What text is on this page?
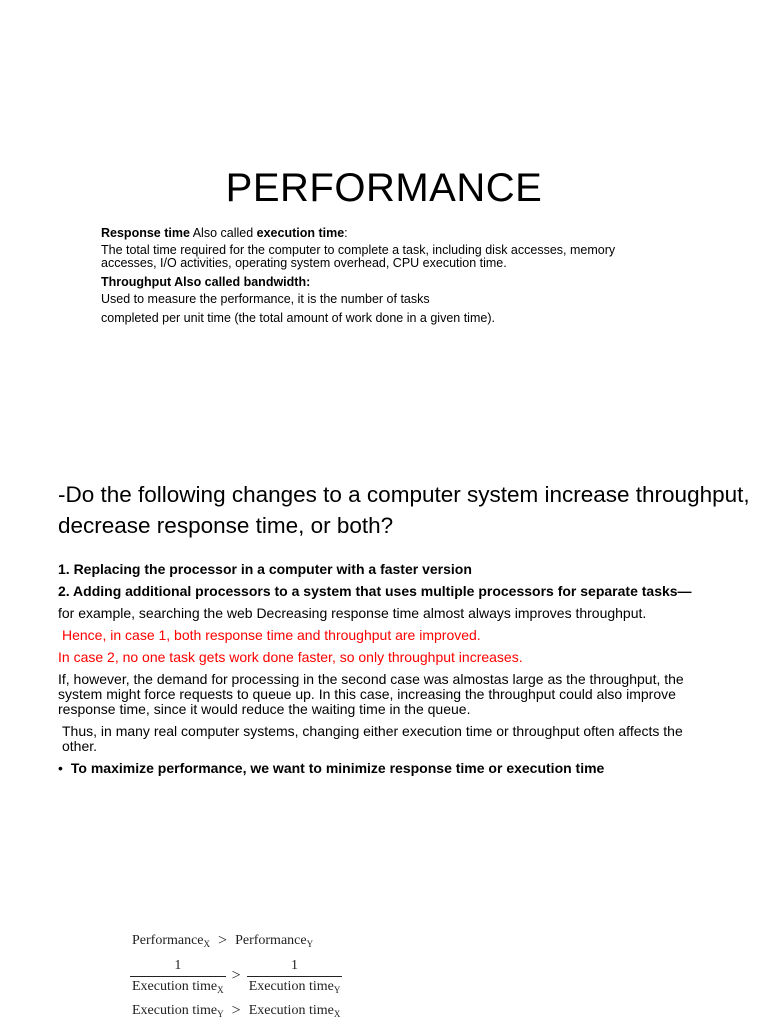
PERFORMANCE

Response time Also called execution time:

The total time required for the computer to complete a task, including disk accesses, memory accesses, I/O activities, operating system overhead, CPU execution time.

Throughput Also called bandwidth:

Used to measure the performance, it is the number of tasks

completed per unit time (the total amount of work done in a given time).

-Do the following changes to a computer system increase throughput, decrease response time, or both?

1. Replacing the processor in a computer with a faster version

2. Adding additional processors to a system that uses multiple processors for separate tasks—

for example, searching the web Decreasing response time almost always improves throughput.

Hence, in case 1, both response time and throughput are improved.

In case 2, no one task gets work done faster, so only throughput increases.

If, however, the demand for processing in the second case was almostas large as the throughput, the system might force requests to queue up. In this case, increasing the throughput could also improve response time, since it would reduce the waiting time in the queue.

Thus, in many real computer systems, changing either execution time or throughput often affects the other.

• To maximize performance, we want to minimize response time or execution time
Performance$_X$ > Performance$_Y$
$\frac{1}{Execution time_X} > \frac{1}{Execution time_Y}$
Execution time$_Y$ > Execution time$_X$
